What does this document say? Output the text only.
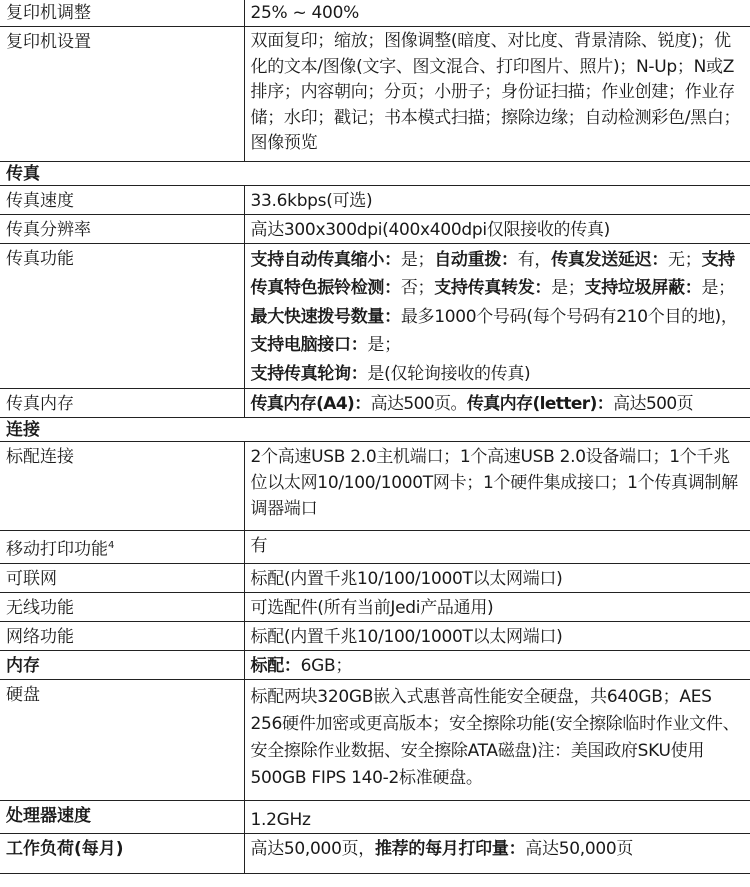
复印机调整	25% ~ 400%
复印机设置	双面复印；缩放；图像调整(暗度、对比度、背景清除、锐度)；优化的文本/图像(文字、图文混合、打印图片、照片)；N-Up；N或Z排序；内容朝向；分页；小册子；身份证扫描；作业创建；作业存储；水印；戳记；书本模式扫描；擦除边缘；自动检测彩色/黑白；图像预览
传真	
传真速度	33.6kbps(可选)
传真分辨率	高达300x300dpi(400x400dpi仅限接收的传真)
传真功能	支持自动传真缩小：是；自动重拨：有，传真发送延迟：无；支持传真特色振铃检测：否；支持传真转发：是；支持垃圾屏蔽：是；最大快速拨号数量：最多1000个号码(每个号码有210个目的地)，支持电脑接口：是；
支持传真轮询：是(仅轮询接收的传真)
传真内存	传真内存(A4)：高达500页。传真内存(letter)：高达500页
连接	
标配连接	2个高速USB 2.0主机端口；1个高速USB 2.0设备端口；1个千兆位以太网10/100/1000T网卡；1个硬件集成接口；1个传真调制解调器端口
移动打印功能$^4$	有
可联网	标配(内置千兆10/100/1000T以太网端口)
无线功能	可选配件(所有当前Jedi产品通用)
网络功能	标配(内置千兆10/100/1000T以太网端口)
内存	标配：6GB；
硬盘	标配两块320GB嵌入式惠普高性能安全硬盘，共640GB；AES 256硬件加密或更高版本；安全擦除功能(安全擦除临时作业文件、安全擦除作业数据、安全擦除ATA磁盘)注：美国政府SKU使用500GB FIPS 140-2标准硬盘。
处理器速度	1.2GHz
工作负荷(每月)	高达50,000页，推荐的每月打印量：高达50,000页
